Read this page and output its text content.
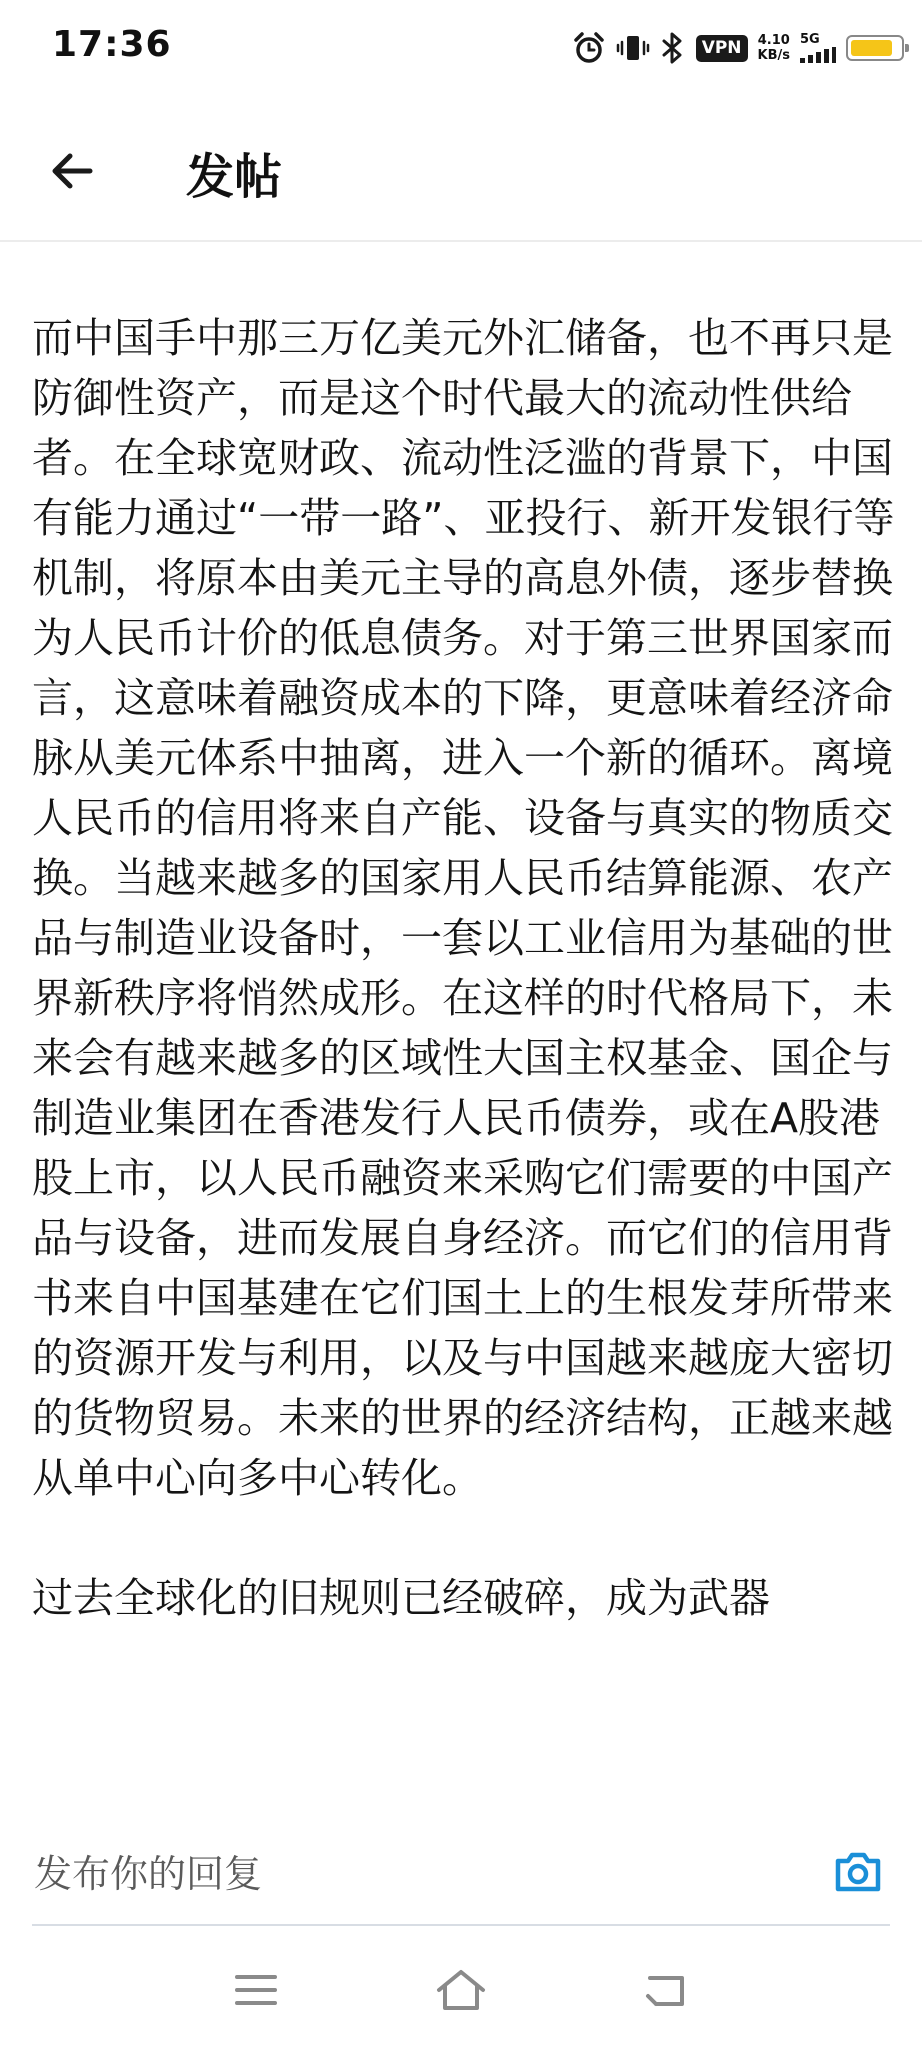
17:36	VPN	4.10
KB/s
5G
发帖

而中国手中那三万亿美元外汇储备，也不再只是防御性资产，而是这个时代最大的流动性供给者。在全球宽财政、流动性泛滥的背景下，中国有能力通过“一带一路”、亚投行、新开发银行等机制，将原本由美元主导的高息外债，逐步替换为人民币计价的低息债务。对于第三世界国家而言，这意味着融资成本的下降，更意味着经济命脉从美元体系中抽离，进入一个新的循环。离境人民币的信用将来自产能、设备与真实的物质交换。当越来越多的国家用人民币结算能源、农产品与制造业设备时，一套以工业信用为基础的世界新秩序将悄然成形。在这样的时代格局下，未来会有越来越多的区域性大国主权基金、国企与制造业集团在香港发行人民币债券，或在A股港股上市，以人民币融资来采购它们需要的中国产品与设备，进而发展自身经济。而它们的信用背书来自中国基建在它们国土上的生根发芽所带来的资源开发与利用，以及与中国越来越庞大密切的货物贸易。未来的世界的经济结构，正越来越从单中心向多中心转化。

过去全球化的旧规则已经破碎，成为武器

发布你的回复
